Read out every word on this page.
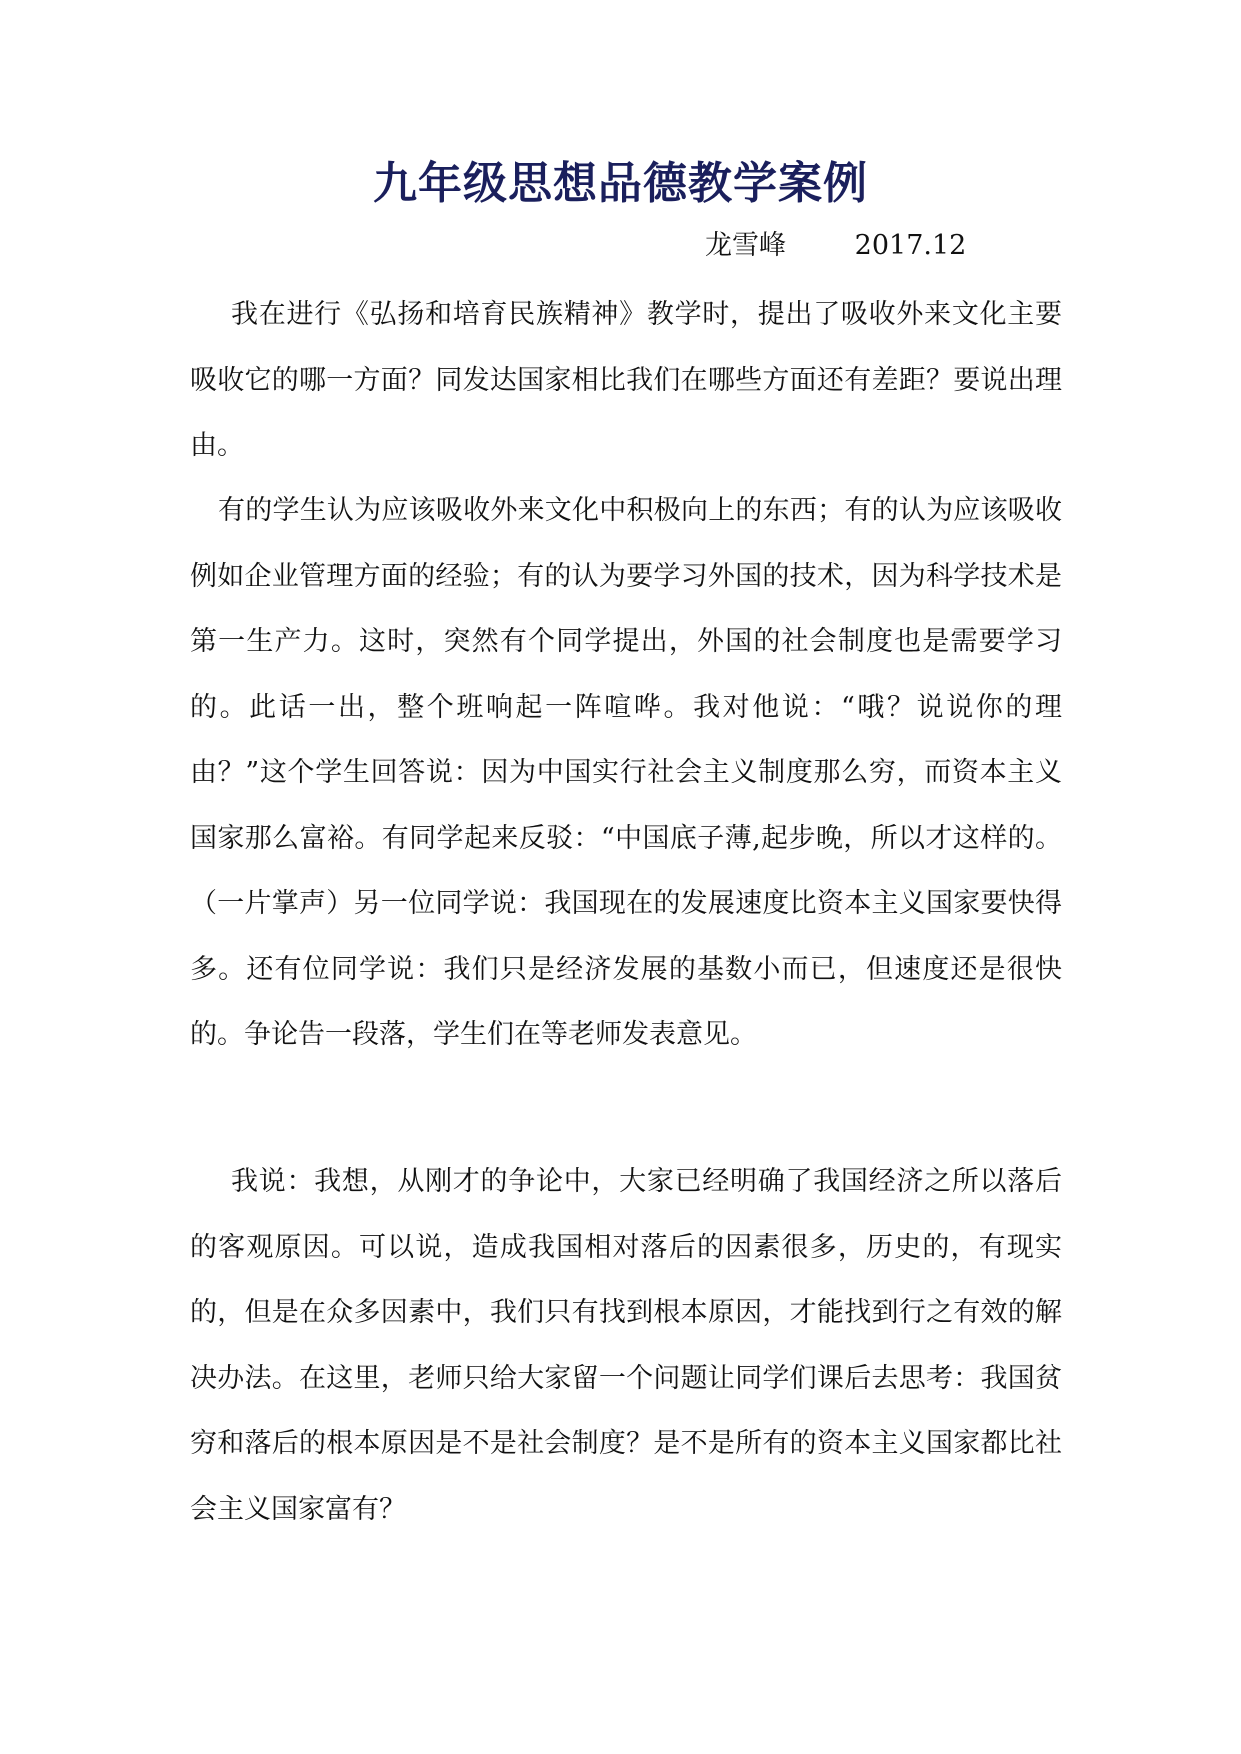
九年级思想品德教学案例
龙雪峰	2017.12

我在进行《弘扬和培育民族精神》教学时，提出了吸收外来文化主要吸收它的哪一方面？同发达国家相比我们在哪些方面还有差距？要说出理由。

有的学生认为应该吸收外来文化中积极向上的东西；有的认为应该吸收例如企业管理方面的经验；有的认为要学习外国的技术，因为科学技术是第一生产力。这时，突然有个同学提出，外国的社会制度也是需要学习的。此话一出，整个班响起一阵喧哗。我对他说：“哦？说说你的理由？”这个学生回答说：因为中国实行社会主义制度那么穷，而资本主义国家那么富裕。有同学起来反驳：“中国底子薄,起步晚，所以才这样的。（一片掌声）另一位同学说：我国现在的发展速度比资本主义国家要快得多。还有位同学说：我们只是经济发展的基数小而已，但速度还是很快的。争论告一段落，学生们在等老师发表意见。

我说：我想，从刚才的争论中，大家已经明确了我国经济之所以落后的客观原因。可以说，造成我国相对落后的因素很多，历史的，有现实的，但是在众多因素中，我们只有找到根本原因，才能找到行之有效的解决办法。在这里，老师只给大家留一个问题让同学们课后去思考：我国贫穷和落后的根本原因是不是社会制度？是不是所有的资本主义国家都比社会主义国家富有？
